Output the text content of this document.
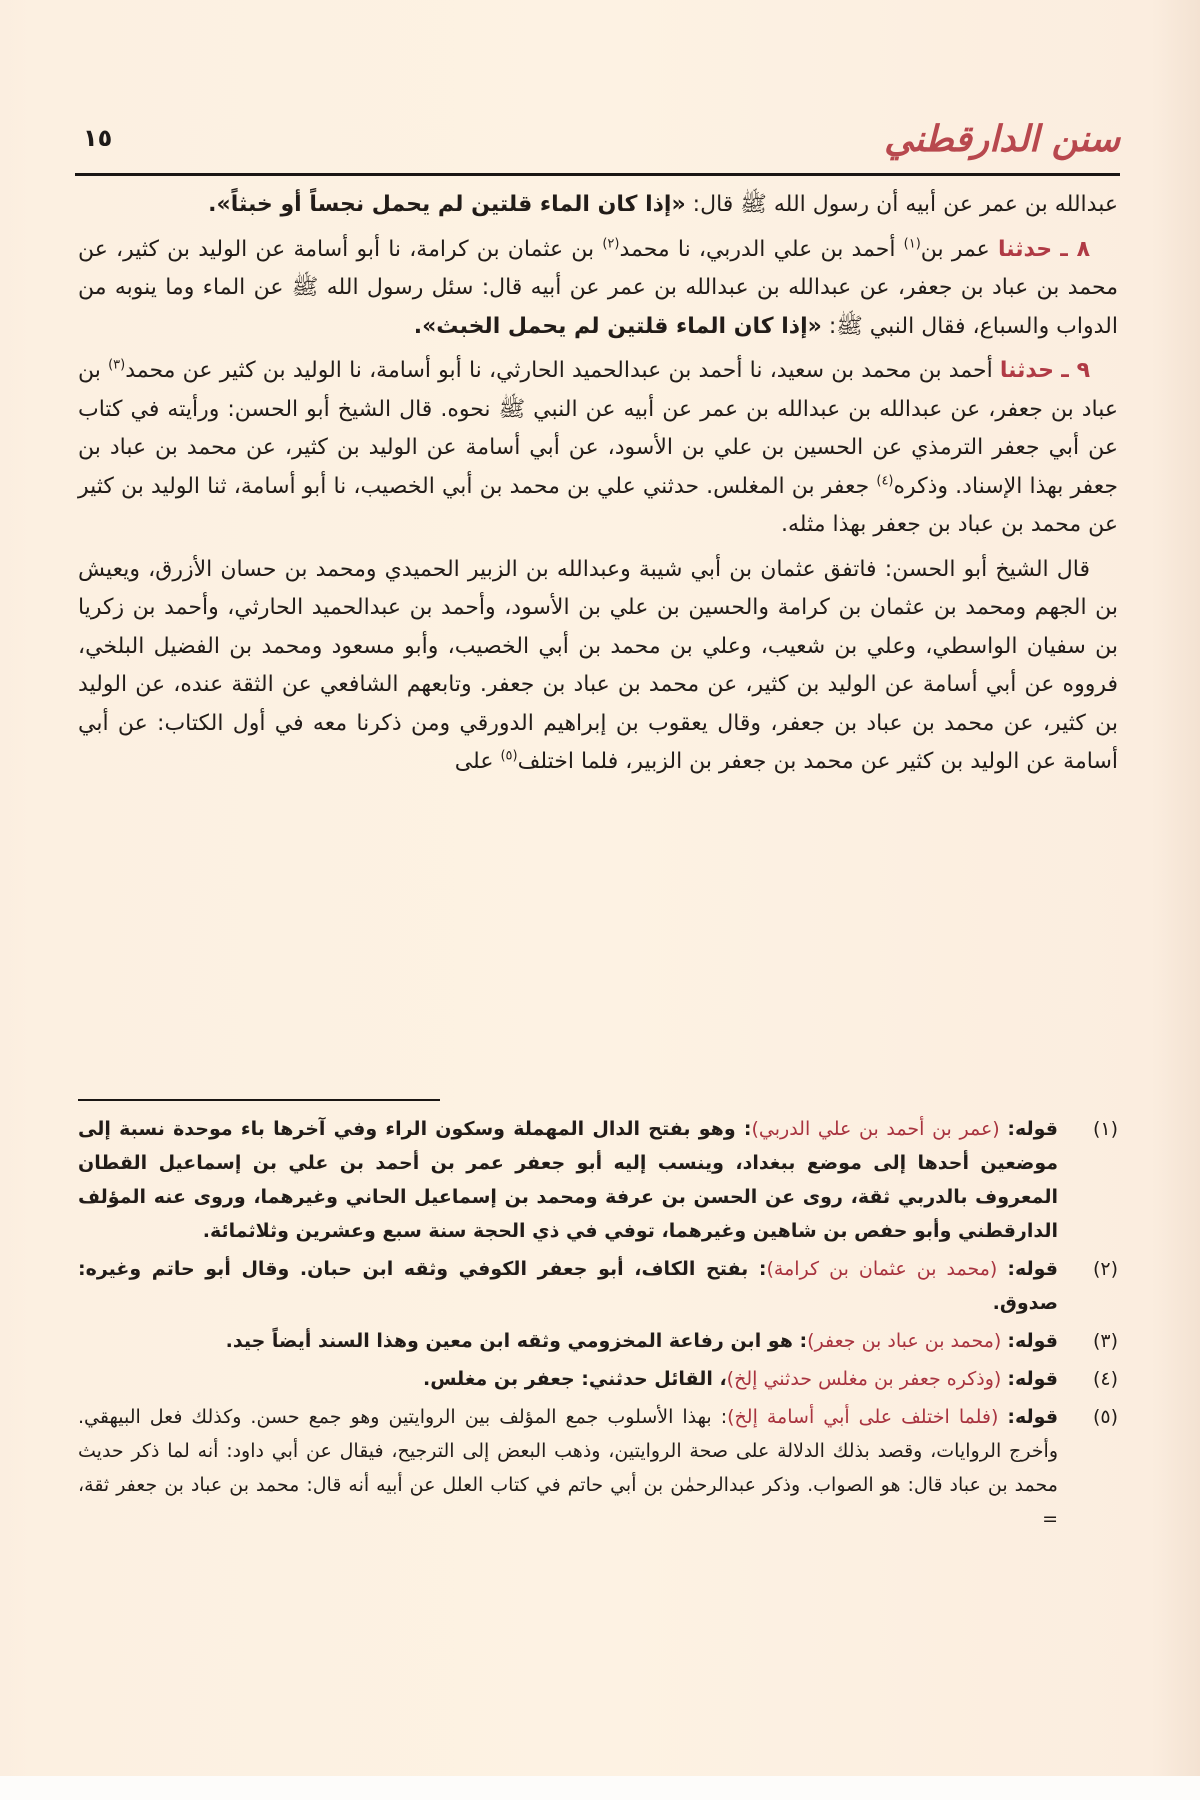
سنن الدارقطني
١٥

عبدالله بن عمر عن أبيه أن رسول الله ﷺ قال: «إذا كان الماء قلتين لم يحمل نجساً أو خبثاً».

٨ ـ حدثنا عمر بن$^{(١)}$ أحمد بن علي الدربي، نا محمد$^{(٢)}$ بن عثمان بن كرامة، نا أبو أسامة عن الوليد بن كثير، عن محمد بن عباد بن جعفر، عن عبدالله بن عبدالله بن عمر عن أبيه قال: سئل رسول الله ﷺ عن الماء وما ينوبه من الدواب والسباع، فقال النبي ﷺ: «إذا كان الماء قلتين لم يحمل الخبث».

٩ ـ حدثنا أحمد بن محمد بن سعيد، نا أحمد بن عبدالحميد الحارثي، نا أبو أسامة، نا الوليد بن كثير عن محمد$^{(٣)}$ بن عباد بن جعفر، عن عبدالله بن عبدالله بن عمر عن أبيه عن النبي ﷺ نحوه. قال الشيخ أبو الحسن: ورأيته في كتاب عن أبي جعفر الترمذي عن الحسين بن علي بن الأسود، عن أبي أسامة عن الوليد بن كثير، عن محمد بن عباد بن جعفر بهذا الإسناد. وذكره$^{(٤)}$ جعفر بن المغلس. حدثني علي بن محمد بن أبي الخصيب، نا أبو أسامة، ثنا الوليد بن كثير عن محمد بن عباد بن جعفر بهذا مثله.

قال الشيخ أبو الحسن: فاتفق عثمان بن أبي شيبة وعبدالله بن الزبير الحميدي ومحمد بن حسان الأزرق، ويعيش بن الجهم ومحمد بن عثمان بن كرامة والحسين بن علي بن الأسود، وأحمد بن عبدالحميد الحارثي، وأحمد بن زكريا بن سفيان الواسطي، وعلي بن شعيب، وعلي بن محمد بن أبي الخصيب، وأبو مسعود ومحمد بن الفضيل البلخي، فرووه عن أبي أسامة عن الوليد بن كثير، عن محمد بن عباد بن جعفر. وتابعهم الشافعي عن الثقة عنده، عن الوليد بن كثير، عن محمد بن عباد بن جعفر، وقال يعقوب بن إبراهيم الدورقي ومن ذكرنا معه في أول الكتاب: عن أبي أسامة عن الوليد بن كثير عن محمد بن جعفر بن الزبير، فلما اختلف$^{(٥)}$ على

(١)
قوله: (عمر بن أحمد بن علي الدربي): وهو بفتح الدال المهملة وسكون الراء وفي آخرها باء موحدة نسبة إلى موضعين أحدها إلى موضع ببغداد، وينسب إليه أبو جعفر عمر بن أحمد بن علي بن إسماعيل القطان المعروف بالدربي ثقة، روى عن الحسن بن عرفة ومحمد بن إسماعيل الحاني وغيرهما، وروى عنه المؤلف الدارقطني وأبو حفص بن شاهين وغيرهما، توفي في ذي الحجة سنة سبع وعشرين وثلاثمائة.

(٢)
قوله: (محمد بن عثمان بن كرامة): بفتح الكاف، أبو جعفر الكوفي وثقه ابن حبان. وقال أبو حاتم وغيره: صدوق.

(٣)
قوله: (محمد بن عباد بن جعفر): هو ابن رفاعة المخزومي وثقه ابن معين وهذا السند أيضاً جيد.

(٤)
قوله: (وذكره جعفر بن مغلس حدثني إلخ)، القائل حدثني: جعفر بن مغلس.

(٥)
قوله: (فلما اختلف على أبي أسامة إلخ): بهذا الأسلوب جمع المؤلف بين الروايتين وهو جمع حسن. وكذلك فعل البيهقي. وأخرج الروايات، وقصد بذلك الدلالة على صحة الروايتين، وذهب البعض إلى الترجيح، فيقال عن أبي داود: أنه لما ذكر حديث محمد بن عباد قال: هو الصواب. وذكر عبدالرحمٰن بن أبي حاتم في كتاب العلل عن أبيه أنه قال: محمد بن عباد بن جعفر ثقة، =
